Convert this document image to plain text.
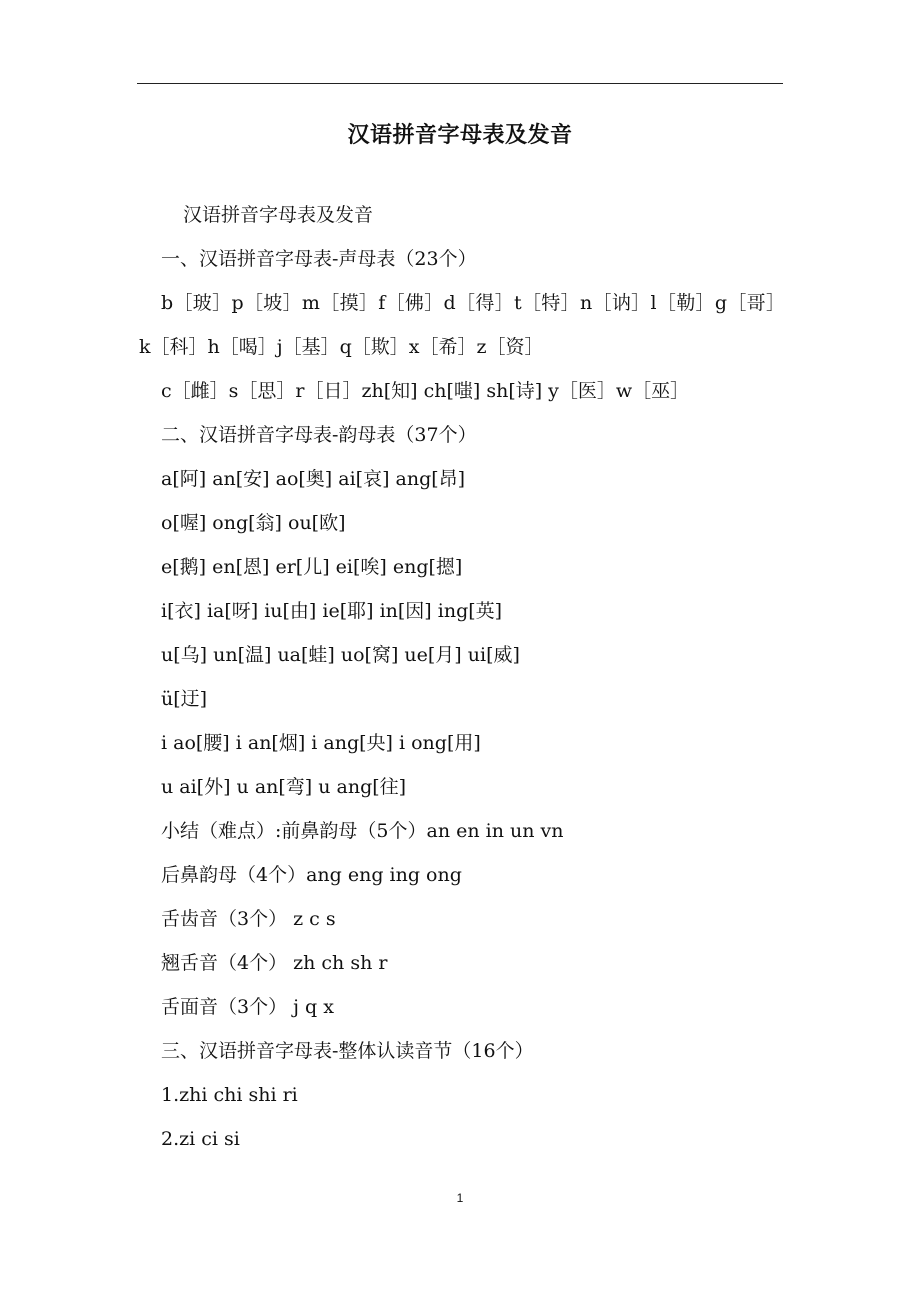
汉语拼音字母表及发音

汉语拼音字母表及发音

一、汉语拼音字母表-声母表（23个）

b［玻］p［坡］m［摸］f［佛］d［得］t［特］n［讷］l［勒］g［哥］k［科］h［喝］j［基］q［欺］x［希］z［资］

c［雌］s［思］r［日］zh[知] ch[嗤] sh[诗] y［医］w［巫］

二、汉语拼音字母表-韵母表（37个）

a[阿] an[安] ao[奥] ai[哀] ang[昂]

o[喔] ong[翁] ou[欧]

e[鹅] en[恩] er[儿] ei[唉] eng[摁]

i[衣] ia[呀] iu[由] ie[耶] in[因] ing[英]

u[乌] un[温] ua[蛙] uo[窝] ue[月] ui[威]

ü[迂]

i ao[腰] i an[烟] i ang[央] i ong[用]

u ai[外] u an[弯] u ang[往]

小结（难点）:前鼻韵母（5个）an en in un vn

后鼻韵母（4个）ang eng ing ong

舌齿音（3个） z c s

翘舌音（4个） zh ch sh r

舌面音（3个） j q x

三、汉语拼音字母表-整体认读音节（16个）

1.zhi chi shi ri

2.zi ci si

1
